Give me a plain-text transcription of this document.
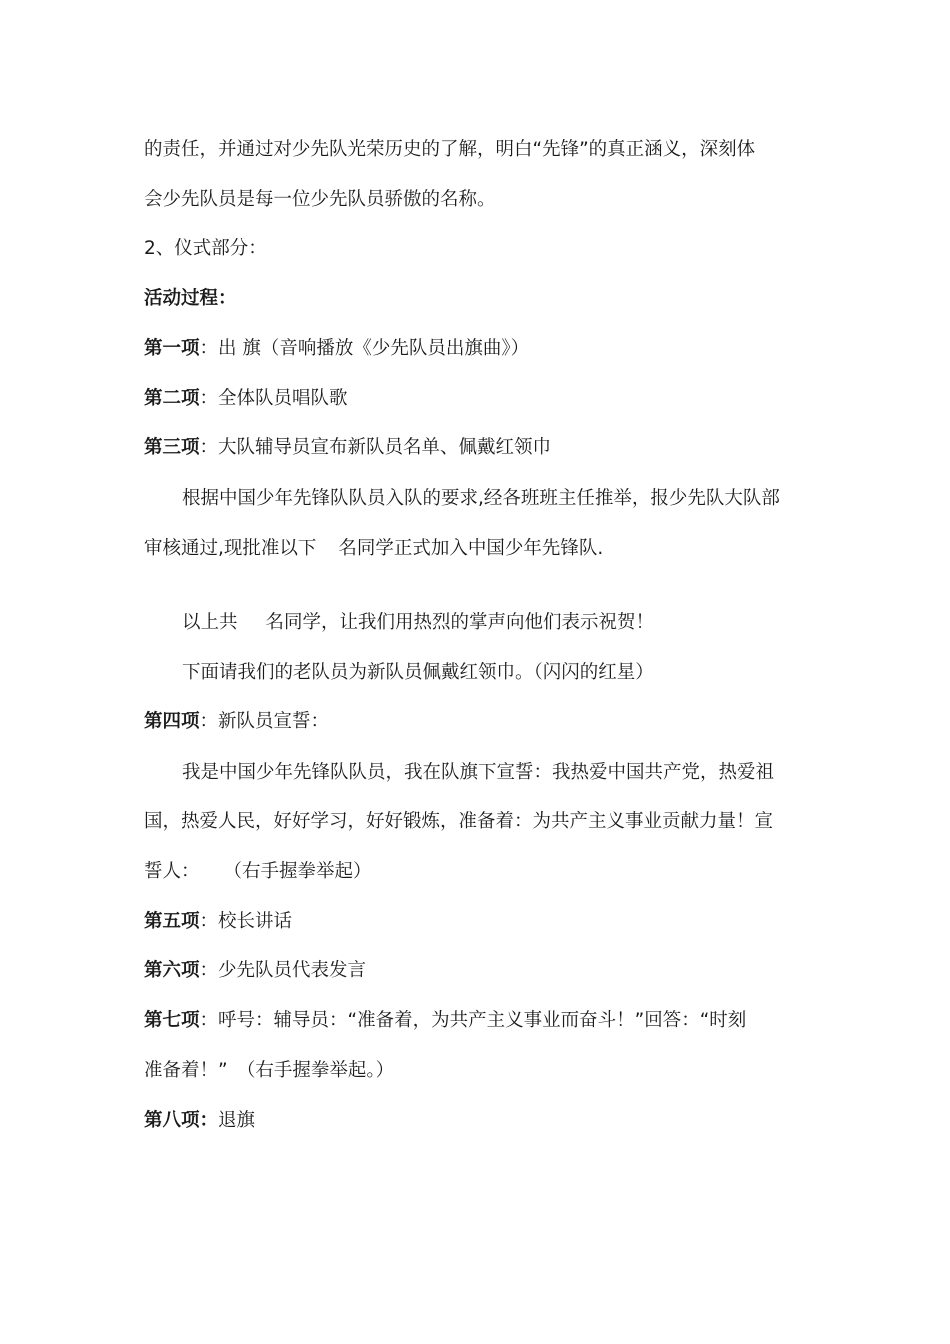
的责任，并通过对少先队光荣历史的了解，明白“先锋”的真正涵义，深刻体
会少先队员是每一位少先队员骄傲的名称。
2、仪式部分：
活动过程：
第一项：出 旗（音响播放《少先队员出旗曲》）
第二项：全体队员唱队歌
第三项：大队辅导员宣布新队员名单、佩戴红领巾
根据中国少年先锋队队员入队的要求,经各班班主任推举，报少先队大队部
审核通过,现批准以下 名同学正式加入中国少年先锋队.
以上共 名同学，让我们用热烈的掌声向他们表示祝贺！
下面请我们的老队员为新队员佩戴红领巾。（闪闪的红星）
第四项：新队员宣誓：
我是中国少年先锋队队员，我在队旗下宣誓：我热爱中国共产党，热爱祖
国，热爱人民，好好学习，好好锻炼，准备着：为共产主义事业贡献力量！宣
誓人： （右手握拳举起）
第五项：校长讲话
第六项：少先队员代表发言
第七项：呼号：辅导员：“准备着，为共产主义事业而奋斗！”回答：“时刻
准备着！”　（右手握拳举起。）
第八项：退旗
